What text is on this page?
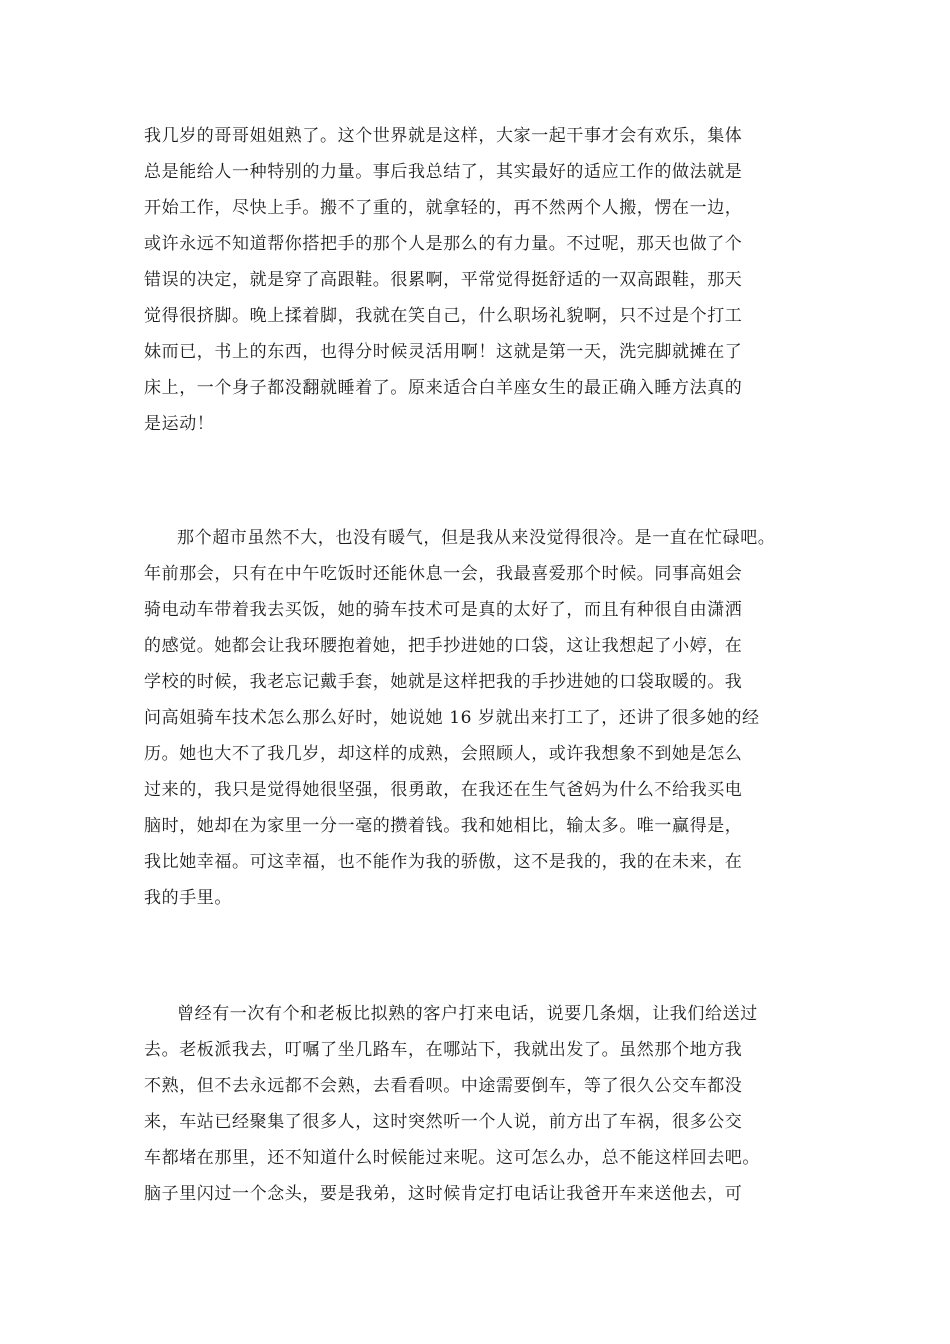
我几岁的哥哥姐姐熟了。这个世界就是这样，大家一起干事才会有欢乐，集体
总是能给人一种特别的力量。事后我总结了，其实最好的适应工作的做法就是
开始工作，尽快上手。搬不了重的，就拿轻的，再不然两个人搬，愣在一边，
或许永远不知道帮你搭把手的那个人是那么的有力量。不过呢，那天也做了个
错误的决定，就是穿了高跟鞋。很累啊，平常觉得挺舒适的一双高跟鞋，那天
觉得很挤脚。晚上揉着脚，我就在笑自己，什么职场礼貌啊，只不过是个打工
妹而已，书上的东西，也得分时候灵活用啊！这就是第一天，洗完脚就摊在了
床上，一个身子都没翻就睡着了。原来适合白羊座女生的最正确入睡方法真的
是运动！
那个超市虽然不大，也没有暖气，但是我从来没觉得很冷。是一直在忙碌吧。
年前那会，只有在中午吃饭时还能休息一会，我最喜爱那个时候。同事高姐会
骑电动车带着我去买饭，她的骑车技术可是真的太好了，而且有种很自由潇洒
的感觉。她都会让我环腰抱着她，把手抄进她的口袋，这让我想起了小婷，在
学校的时候，我老忘记戴手套，她就是这样把我的手抄进她的口袋取暖的。我
问高姐骑车技术怎么那么好时，她说她 16 岁就出来打工了，还讲了很多她的经
历。她也大不了我几岁，却这样的成熟，会照顾人，或许我想象不到她是怎么
过来的，我只是觉得她很坚强，很勇敢，在我还在生气爸妈为什么不给我买电
脑时，她却在为家里一分一毫的攒着钱。我和她相比，输太多。唯一赢得是，
我比她幸福。可这幸福，也不能作为我的骄傲，这不是我的，我的在未来，在
我的手里。
曾经有一次有个和老板比拟熟的客户打来电话，说要几条烟，让我们给送过
去。老板派我去，叮嘱了坐几路车，在哪站下，我就出发了。虽然那个地方我
不熟，但不去永远都不会熟，去看看呗。中途需要倒车，等了很久公交车都没
来，车站已经聚集了很多人，这时突然听一个人说，前方出了车祸，很多公交
车都堵在那里，还不知道什么时候能过来呢。这可怎么办，总不能这样回去吧。
脑子里闪过一个念头，要是我弟，这时候肯定打电话让我爸开车来送他去，可
